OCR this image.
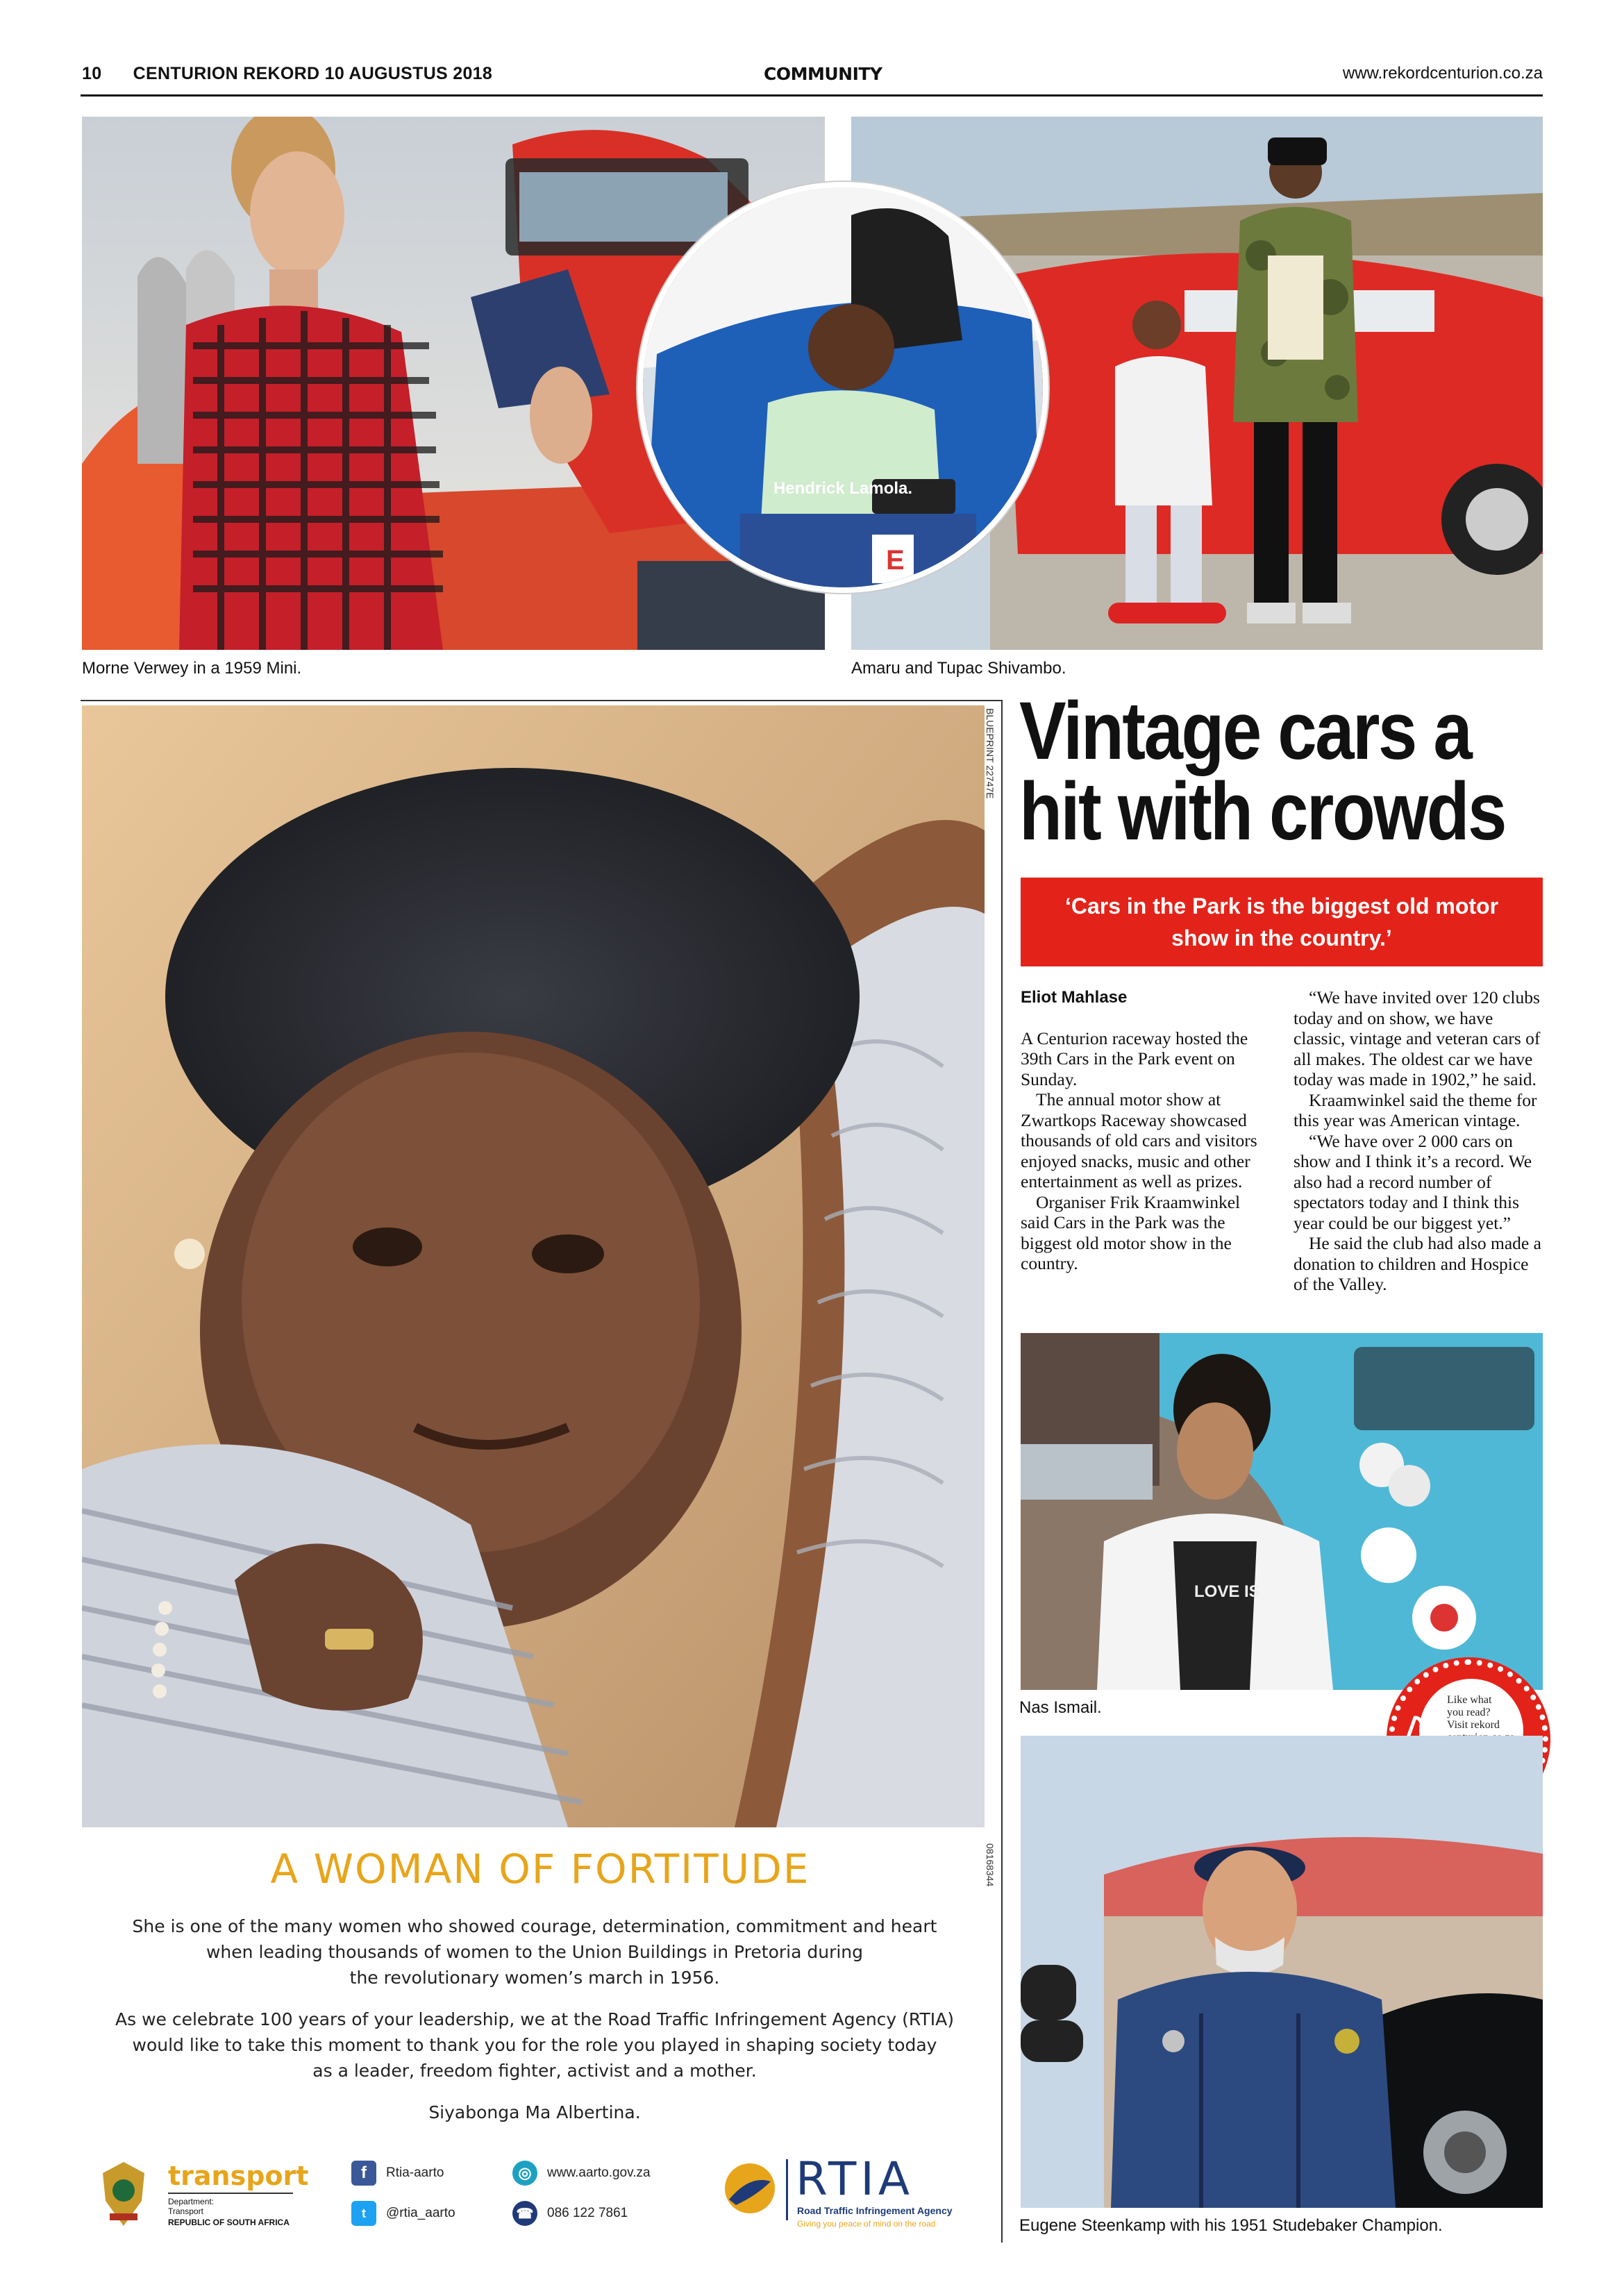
10 CENTURION REKORD 10 AUGUSTUS 2018	COMMUNITY	www.rekordcenturion.co.za
Morne Verwey in a 1959 Mini.	Amaru and Tupac Shivambo.
E
Hendrick Lamola.
BLUEPRINT 22747E
08168344
A WOMAN OF FORTITUDE
She is one of the many women who showed courage, determination, commitment and heart
when leading thousands of women to the Union Buildings in Pretoria during
the revolutionary women’s march in 1956.
As we celebrate 100 years of your leadership, we at the Road Traffic Infringement Agency (RTIA)
would like to take this moment to thank you for the role you played in shaping society today
as a leader, freedom fighter, activist and a mother.
Siyabonga Ma Albertina.
transport
Department:
Transport
REPUBLIC OF SOUTH AFRICA
f	Rtia-aarto
t	@rtia_aarto
◎	www.aarto.gov.za
☎ 086 122 7861
RTIA
Road Traffic Infringement Agency
Giving you peace of mind on the road
Vintage cars a
hit with crowds
‘Cars in the Park is the biggest old motor show in the country.’

Eliot Mahlase

A Centurion raceway hosted the 39th Cars in the Park event on Sunday.

The annual motor show at Zwartkops Raceway showcased thousands of old cars and visitors enjoyed snacks, music and other entertainment as well as prizes.

Organiser Frik Kraamwinkel said Cars in the Park was the biggest old motor show in the country.

“We have invited over 120 clubs today and on show, we have classic, vintage and veteran cars of all makes. The oldest car we have today was made in 1902,” he said.

Kraamwinkel said the theme for this year was American vintage.

“We have over 2 000 cars on show and I think it’s a record. We also had a record number of spectators today and I think this year could be our biggest yet.”

He said the club had also made a donation to children and Hospice of the Valley.

LOVE IS
Nas Ismail.	Like what
you read?
Visit rekord
Eugene Steenkamp with his 1951 Studebaker Champion.
